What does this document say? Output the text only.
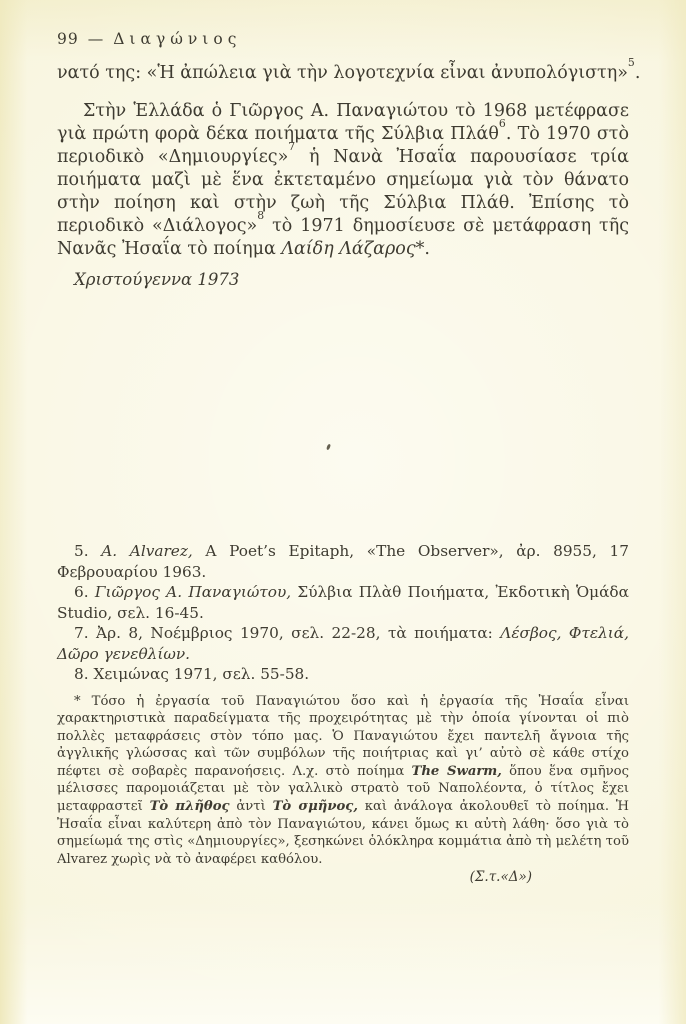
99 — Διαγώνιος

νατό της: «Ἡ ἀπώλεια γιὰ τὴν λογοτεχνία εἶναι ἀνυπολόγιστη»$^5$.

Στὴν Ἑλλάδα ὁ Γιῶργος Α. Παναγιώτου τὸ 1968 μετέφρασε γιὰ πρώτη φορὰ δέκα ποιήματα τῆς Σύλβια Πλάθ$^6$. Τὸ 1970 στὸ περιοδικὸ «Δημιουργίες»$^7$ ἡ Νανὰ Ἠσαΐα παρουσίασε τρία ποιήματα μαζὶ μὲ ἕνα ἐκτεταμένο σημείωμα γιὰ τὸν θάνατο στὴν ποίηση καὶ στὴν ζωὴ τῆς Σύλβια Πλάθ. Ἐπίσης τὸ περιοδικὸ «Διάλογος»$^8$ τὸ 1971 δημοσίευσε σὲ μετάφραση τῆς Νανᾶς Ἠσαΐα τὸ ποίημα Λαίδη Λάζαρος*.

Χριστούγεννα 1973

5. A. Alvarez, A Poet’s Epitaph, «The Observer», ἀρ. 8955, 17 Φεβρουαρίου 1963.

6. Γιῶργος Α. Παναγιώτου, Σύλβια Πλὰθ Ποιήματα, Ἐκδοτικὴ Ὁμάδα Studio, σελ. 16-45.

7. Ἀρ. 8, Νοέμβριος 1970, σελ. 22-28, τὰ ποιήματα: Λέσβος, Φτελιά, Δῶρο γενεθλίων.

8. Χειμώνας 1971, σελ. 55-58.

* Τόσο ἡ ἐργασία τοῦ Παναγιώτου ὅσο καὶ ἡ ἐργασία τῆς Ἠσαΐα εἶναι χαρακτηριστικὰ παραδείγματα τῆς προχειρότητας μὲ τὴν ὁποία γίνονται οἱ πιὸ πολλὲς μεταφράσεις στὸν τόπο μας. Ὁ Παναγιώτου ἔχει παντελῆ ἄγνοια τῆς ἀγγλικῆς γλώσσας καὶ τῶν συμβόλων τῆς ποιήτριας καὶ γι’ αὐτὸ σὲ κάθε στίχο πέφτει σὲ σοβαρὲς παρανοήσεις. Λ.χ. στὸ ποίημα The Swarm, ὅπου ἕνα σμῆνος μέλισσες παρομοιάζεται μὲ τὸν γαλλικὸ στρατὸ τοῦ Ναπολέοντα, ὁ τίτλος ἔχει μεταφραστεῖ Τὸ πλῆθος ἀντὶ Τὸ σμῆνος, καὶ ἀνάλογα ἀκολουθεῖ τὸ ποίημα. Ἡ Ἠσαΐα εἶναι καλύτερη ἀπὸ τὸν Παναγιώτου, κάνει ὅμως κι αὐτὴ λάθη· ὅσο γιὰ τὸ σημείωμά της στὶς «Δημιουργίες», ξεσηκώνει ὁλόκληρα κομμάτια ἀπὸ τὴ μελέτη τοῦ Alvarez χωρὶς νὰ τὸ ἀναφέρει καθόλου.

(Σ.τ.«Δ»)
